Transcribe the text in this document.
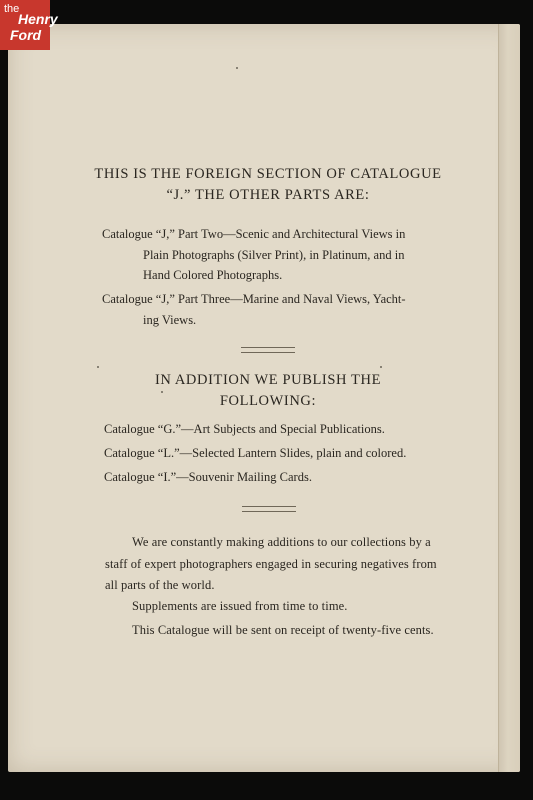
THIS IS THE FOREIGN SECTION OF CATALOGUE
“J.” THE OTHER PARTS ARE:
Catalogue “J,” Part Two—Scenic and Architectural Views in
Plain Photographs (Silver Print), in Platinum, and in
Hand Colored Photographs.
Catalogue “J,” Part Three—Marine and Naval Views, Yacht-
ing Views.
IN ADDITION WE PUBLISH THE
FOLLOWING:
Catalogue “G.”—Art Subjects and Special Publications.
Catalogue “L.”—Selected Lantern Slides, plain and colored.
Catalogue “I.”—Souvenir Mailing Cards.
We are constantly making additions to our collections by a
staff of expert photographers engaged in securing negatives from
all parts of the world.
Supplements are issued from time to time.
This Catalogue will be sent on receipt of twenty-five cents.
the
Henry
Ford
